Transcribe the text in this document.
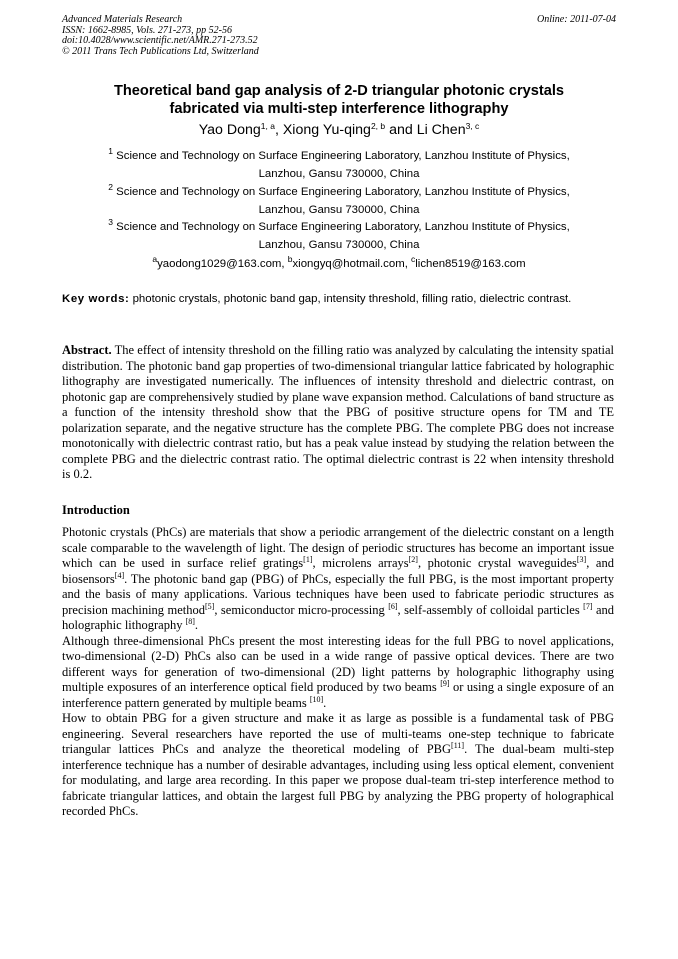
Advanced Materials Research
ISSN: 1662-8985, Vols. 271-273, pp 52-56
doi:10.4028/www.scientific.net/AMR.271-273.52
© 2011 Trans Tech Publications Ltd, Switzerland
Online: 2011-07-04
Theoretical band gap analysis of 2-D triangular photonic crystals
fabricated via multi-step interference lithography
Yao Dong$^{1, a}$, Xiong Yu-qing$^{2, b}$ and Li Chen$^{3, c}$
$^1$ Science and Technology on Surface Engineering Laboratory, Lanzhou Institute of Physics,
Lanzhou, Gansu 730000, China
$^2$ Science and Technology on Surface Engineering Laboratory, Lanzhou Institute of Physics,
Lanzhou, Gansu 730000, China
$^3$ Science and Technology on Surface Engineering Laboratory, Lanzhou Institute of Physics,
Lanzhou, Gansu 730000, China
$^a$yaodong1029@163.com, $^b$xiongyq@hotmail.com, $^c$lichen8519@163.com
Key words: photonic crystals, photonic band gap, intensity threshold, filling ratio, dielectric contrast.
Abstract. The effect of intensity threshold on the filling ratio was analyzed by calculating the intensity spatial distribution. The photonic band gap properties of two-dimensional triangular lattice fabricated by holographic lithography are investigated numerically. The influences of intensity threshold and dielectric contrast, on photonic gap are comprehensively studied by plane wave expansion method. Calculations of band structure as a function of the intensity threshold show that the PBG of positive structure opens for TM and TE polarization separate, and the negative structure has the complete PBG. The complete PBG does not increase monotonically with dielectric contrast ratio, but has a peak value instead by studying the relation between the complete PBG and the dielectric contrast ratio. The optimal dielectric contrast is 22 when intensity threshold is 0.2.
Introduction

Photonic crystals (PhCs) are materials that show a periodic arrangement of the dielectric constant on a length scale comparable to the wavelength of light. The design of periodic structures has become an important issue which can be used in surface relief gratings[1], microlens arrays[2], photonic crystal waveguides[3], and biosensors[4]. The photonic band gap (PBG) of PhCs, especially the full PBG, is the most important property and the basis of many applications. Various techniques have been used to fabricate periodic structures as precision machining method[5], semiconductor micro-processing [6], self-assembly of colloidal particles [7] and holographic lithography [8].

Although three-dimensional PhCs present the most interesting ideas for the full PBG to novel applications, two-dimensional (2-D) PhCs also can be used in a wide range of passive optical devices. There are two different ways for generation of two-dimensional (2D) light patterns by holographic lithography using multiple exposures of an interference optical field produced by two beams [9] or using a single exposure of an interference pattern generated by multiple beams [10].

How to obtain PBG for a given structure and make it as large as possible is a fundamental task of PBG engineering. Several researchers have reported the use of multi-teams one-step technique to fabricate triangular lattices PhCs and analyze the theoretical modeling of PBG[11]. The dual-beam multi-step interference technique has a number of desirable advantages, including using less optical element, convenient for modulating, and large area recording. In this paper we propose dual-team tri-step interference method to fabricate triangular lattices, and obtain the largest full PBG by analyzing the PBG property of holographical recorded PhCs.
